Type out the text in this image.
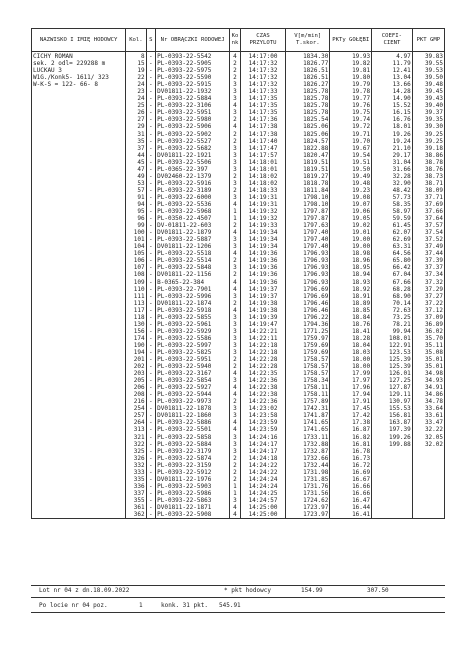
NAZWISKO I IMIĘ HODOWCY	Kol.	S	Nr OBRĄCZKI RODOWEJ	Ko nk	CZAS PRZYLOTU	V[m/min] T.skor.	PKTy GOŁĘBI	COEFI- CIENT	PKT GMP
CICHY ROMAN	8	-	PL-0393-22-5542	4	14:17:00	1834.30	19.93	4.97	39.83
sek. 2 odl= 229288 m	15	-	PL-0393-22-5905	2	14:17:32	1826.77	19.82	11.79	39.55
LUCKAU 3	19	-	PL-0393-22-5975	2	14:17:32	1826.51	19.81	12.41	39.53
W1G./Konk5- 1611/ 323	22	-	PL-0393-22-5590	2	14:17:32	1826.51	19.80	13.04	39.50
W-K-S = 122- 66- 8	24	-	PL-0393-22-5915	3	14:17:32	1826.27	19.79	13.66	39.48
	23	-	DV01811-22-1932	3	14:17:33	1825.78	19.78	14.28	39.45
	24	-	PL-0393-22-5884	3	14:17:35	1825.78	19.77	14.90	39.43
	25	-	PL-0393-22-3106	4	14:17:35	1825.78	19.76	15.52	39.40
	26	-	PL-0393-22-5951	3	14:17:35	1825.78	19.75	16.15	39.37
	27	-	PL-0393-22-5980	2	14:17:36	1825.54	19.74	16.76	39.35
	29	-	PL-0393-22-5906	4	14:17:38	1825.06	19.72	18.01	39.30
	31	-	PL-0393-22-5902	2	14:17:38	1825.06	19.71	19.26	39.25
	35	-	PL-0393-22-5527	2	14:17:40	1824.57	19.70	19.24	39.25
	37	-	PL-0393-22-5682	3	14:17:47	1822.88	19.67	21.10	39.18
	44	-	DV01811-22-1921	3	14:17:57	1820.47	19.54	29.17	38.86
	45	-	PL-0393-22-5506	3	14:18:01	1819.51	19.51	31.04	38.78
	47	-	PL-0365-22-397	3	14:18:01	1819.51	19.50	31.66	38.76
	49	-	DV02460-22-1379	2	14:18:02	1819.27	19.49	32.28	38.73
	53	-	PL-0393-22-5916	3	14:18:02	1818.78	19.48	32.90	38.71
	57	-	PL-0393-22-3189	2	14:18:33	1811.84	19.23	48.42	38.09
	91	-	PL-0393-22-6000	3	14:19:31	1798.10	19.08	57.73	37.71
	94	-	PL-0393-22-5536	4	14:19:31	1798.10	19.07	58.35	37.69
	95	-	PL-0393-22-5968	1	14:19:32	1797.87	19.06	58.97	37.66
	96	-	PL-0350-22-4507	1	14:19:32	1797.87	19.05	59.59	37.64
	99	-	DV-01811-22-603	2	14:19:33	1797.63	19.02	61.45	37.57
	100	-	DV01811-22-1879	4	14:19:34	1797.40	19.01	62.07	37.54
	101	-	PL-0393-22-5887	3	14:19:34	1797.40	19.00	62.69	37.52
	104	-	DV01811-22-1206	3	14:19:34	1797.40	19.00	63.31	37.49
	105	-	PL-0393-22-5518	4	14:19:36	1796.93	18.98	64.56	37.44
	106	-	PL-0393-22-5514	2	14:19:36	1796.93	18.96	65.80	37.39
	107	-	PL-0393-22-5848	3	14:19:36	1796.93	18.95	66.42	37.37
	108	-	DV01811-22-1156	2	14:19:36	1796.93	18.94	67.04	37.34
	109	-	B-0365-22-384	4	14:19:36	1796.93	18.93	67.66	37.32
	110	-	PL-0393-22-7901	4	14:19:37	1796.69	18.92	68.28	37.29
	111	-	PL-0393-22-5996	3	14:19:37	1796.69	18.91	68.90	37.27
	113	-	DV01811-22-1874	2	14:19:38	1796.46	18.89	70.14	37.22
	117	-	PL-0393-22-5918	4	14:19:38	1796.46	18.85	72.63	37.12
	118	-	PL-0393-22-5855	3	14:19:39	1796.22	18.84	73.25	37.09
	130	-	PL-0393-22-5961	3	14:19:47	1794.36	18.76	78.21	36.89
	156	-	PL-0393-22-5929	3	14:22:21	1771.25	18.41	99.94	36.02
	174	-	PL-0393-22-5586	3	14:22:11	1759.97	18.28	108.01	35.70
	190	-	PL-0393-22-5997	3	14:22:18	1759.69	18.04	122.91	35.11
	194	-	PL-0393-22-5825	3	14:22:18	1759.69	18.03	123.53	35.08
	201	-	PL-0393-22-5951	2	14:22:28	1758.57	18.00	125.39	35.01
	202	-	PL-0393-22-5940	2	14:22:28	1758.57	18.00	125.39	35.01
	203	-	PL-0393-22-3167	4	14:22:35	1758.57	17.99	126.01	34.98
	205	-	PL-0393-22-5854	3	14:22:36	1758.34	17.97	127.25	34.93
	206	-	PL-0393-22-5927	4	14:22:38	1758.11	17.96	127.87	34.91
	208	-	PL-0393-22-5944	4	14:22:38	1758.11	17.94	129.11	34.86
	216	-	PL-0393-22-9973	2	14:22:36	1757.89	17.91	130.97	34.78
	254	-	DV01811-22-1878	3	14:23:02	1742.31	17.45	155.53	33.64
	257	-	DV01811-22-1860	3	14:23:58	1741.87	17.42	156.81	33.61
	264	-	PL-0393-22-5886	4	14:23:59	1741.65	17.38	163.87	33.47
	313	-	PL-0393-22-5501	4	14:23:59	1741.65	16.87	197.39	32.22
	321	-	PL-0393-22-5858	3	14:24:16	1733.11	16.82	199.26	32.05
	322	-	PL-0393-22-5884	3	14:24:17	1732.88	16.81	199.88	32.02
	325	-	PL-0393-22-3179	3	14:24:17	1732.87	16.78		
	326	-	PL-0393-22-5874	2	14:24:18	1732.66	16.73		
	332	-	PL-0393-22-3159	2	14:24:22	1732.44	16.72		
	333	-	PL-0393-22-5912	2	14:24:22	1731.98	16.69		
	335	-	DV01811-22-1976	2	14:24:24	1731.85	16.67		
	336	-	PL-0393-22-5903	1	14:24:24	1731.76	16.66		
	337	-	PL-0393-22-5986	1	14:24:25	1731.56	16.66		
	355	-	PL-0393-22-5863	3	14:24:57	1724.62	16.47		
	361	-	DV01811-22-1871	4	14:25:00	1723.97	16.44		
	362	-	PL-0393-22-5908	4	14:25:00	1723.97	16.41		
Lot nr 04 z dn.18.09.2022	* pkt hodowcy	154.99	307.50
Po locie nr 04 poz.	1	konk. 31 pkt. 545.91
